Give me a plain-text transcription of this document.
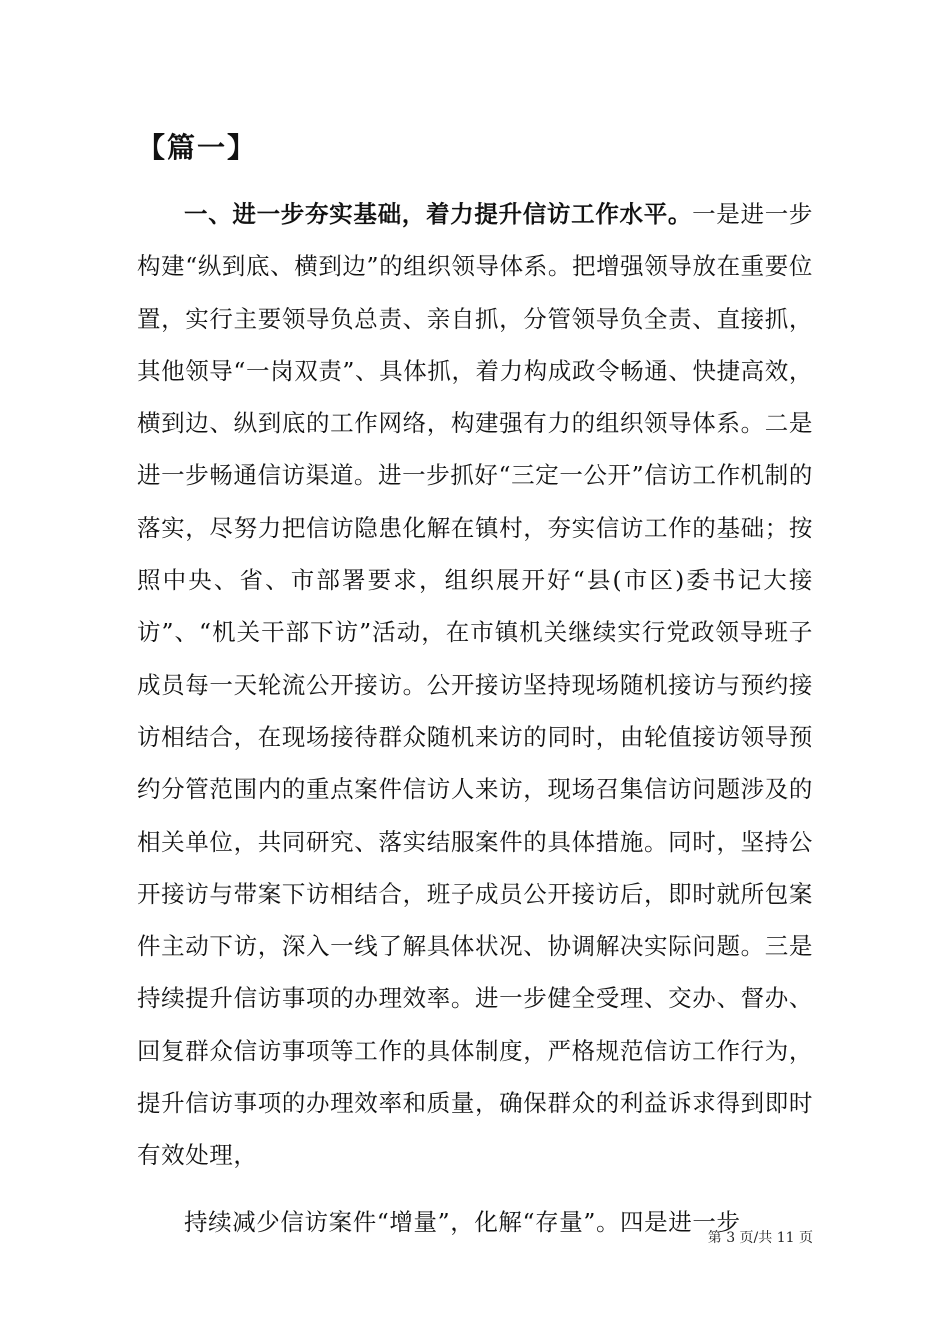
【篇一】

一、进一步夯实基础，着力提升信访工作水平。一是进一步构建“纵到底、横到边”的组织领导体系。把增强领导放在重要位置，实行主要领导负总责、亲自抓，分管领导负全责、直接抓，其他领导“一岗双责”、具体抓，着力构成政令畅通、快捷高效，横到边、纵到底的工作网络，构建强有力的组织领导体系。二是进一步畅通信访渠道。进一步抓好“三定一公开”信访工作机制的落实，尽努力把信访隐患化解在镇村，夯实信访工作的基础；按照中央、省、市部署要求，组织展开好“县(市区)委书记大接访”、“机关干部下访”活动，在市镇机关继续实行党政领导班子成员每一天轮流公开接访。公开接访坚持现场随机接访与预约接访相结合，在现场接待群众随机来访的同时，由轮值接访领导预约分管范围内的重点案件信访人来访，现场召集信访问题涉及的相关单位，共同研究、落实结服案件的具体措施。同时，坚持公开接访与带案下访相结合，班子成员公开接访后，即时就所包案件主动下访，深入一线了解具体状况、协调解决实际问题。三是持续提升信访事项的办理效率。进一步健全受理、交办、督办、回复群众信访事项等工作的具体制度，严格规范信访工作行为，提升信访事项的办理效率和质量，确保群众的利益诉求得到即时有效处理，

持续减少信访案件“增量”，化解“存量”。四是进一步

第 3 页/共 11 页
